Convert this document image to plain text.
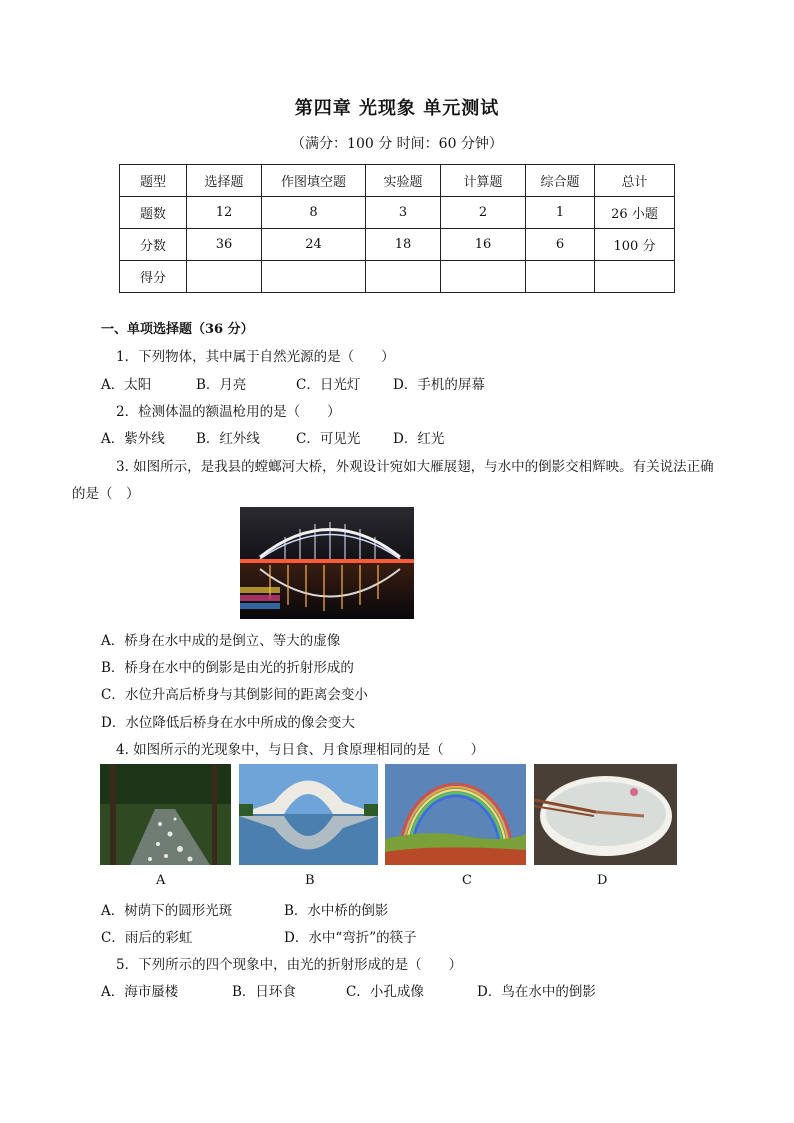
第四章 光现象 单元测试
（满分：100 分 时间：60 分钟）
题型	选择题	作图填空题	实验题	计算题	综合题	总计
题数	12	8	3	2	1	26 小题
分数	36	24	18	16	6	100 分
得分						
一、单项选择题（36 分）
1．下列物体，其中属于自然光源的是（　　）
A．太阳	B．月亮	C．日光灯 D．手机的屏幕
2．检测体温的额温枪用的是（　　）
A．紫外线 B．红外线	C．可见光 D．红光
3. 如图所示，是我县的螳螂河大桥，外观设计宛如大雁展翅，与水中的倒影交相辉映。有关说法正确
的是（　）
A．桥身在水中成的是倒立、等大的虚像
B．桥身在水中的倒影是由光的折射形成的
C．水位升高后桥身与其倒影间的距离会变小
D．水位降低后桥身在水中所成的像会变大
4. 如图所示的光现象中，与日食、月食原理相同的是（　　）
A	B	C	D
A．树荫下的圆形光斑	B．水中桥的倒影
C．雨后的彩虹	D．水中“弯折”的筷子
5．下列所示的四个现象中，由光的折射形成的是（　　）
A．海市蜃楼	B．日环食	C．小孔成像	D．鸟在水中的倒影
